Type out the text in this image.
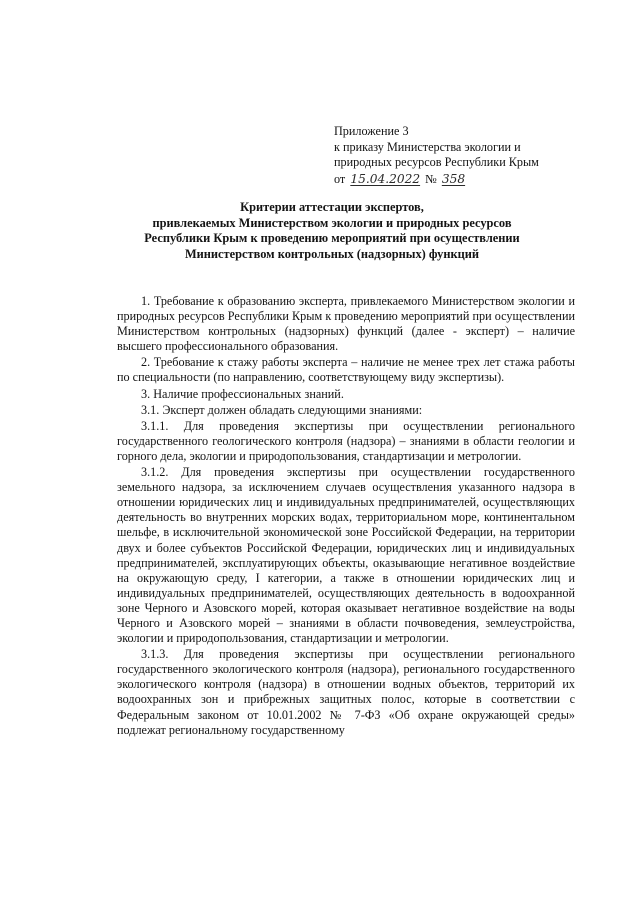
Приложение 3
к приказу Министерства экологии и
природных ресурсов Республики Крым
от 15.04.2022 № 358
Критерии аттестации экспертов,
привлекаемых Министерством экологии и природных ресурсов
Республики Крым к проведению мероприятий при осуществлении
Министерством контрольных (надзорных) функций

1. Требование к образованию эксперта, привлекаемого Министерством экологии и природных ресурсов Республики Крым к проведению мероприятий при осуществлении Министерством контрольных (надзорных) функций (далее - эксперт) – наличие высшего профессионального образования.

2. Требование к стажу работы эксперта – наличие не менее трех лет стажа работы по специальности (по направлению, соответствующему виду экспертизы).

3. Наличие профессиональных знаний.

3.1. Эксперт должен обладать следующими знаниями:

3.1.1. Для проведения экспертизы при осуществлении регионального государственного геологического контроля (надзора) – знаниями в области геологии и горного дела, экологии и природопользования, стандартизации и метрологии.

3.1.2. Для проведения экспертизы при осуществлении государственного земельного надзора, за исключением случаев осуществления указанного надзора в отношении юридических лиц и индивидуальных предпринимателей, осуществляющих деятельность во внутренних морских водах, территориальном море, континентальном шельфе, в исключительной экономической зоне Российской Федерации, на территории двух и более субъектов Российской Федерации, юридических лиц и индивидуальных предпринимателей, эксплуатирующих объекты, оказывающие негативное воздействие на окружающую среду, I категории, а также в отношении юридических лиц и индивидуальных предпринимателей, осуществляющих деятельность в водоохранной зоне Черного и Азовского морей, которая оказывает негативное воздействие на воды Черного и Азовского морей – знаниями в области почвоведения, землеустройства, экологии и природопользования, стандартизации и метрологии.

3.1.3. Для проведения экспертизы при осуществлении регионального государственного экологического контроля (надзора), регионального государственного экологического контроля (надзора) в отношении водных объектов, территорий их водоохранных зон и прибрежных защитных полос, которые в соответствии с Федеральным законом от 10.01.2002 № 7-ФЗ «Об охране окружающей среды» подлежат региональному государственному
